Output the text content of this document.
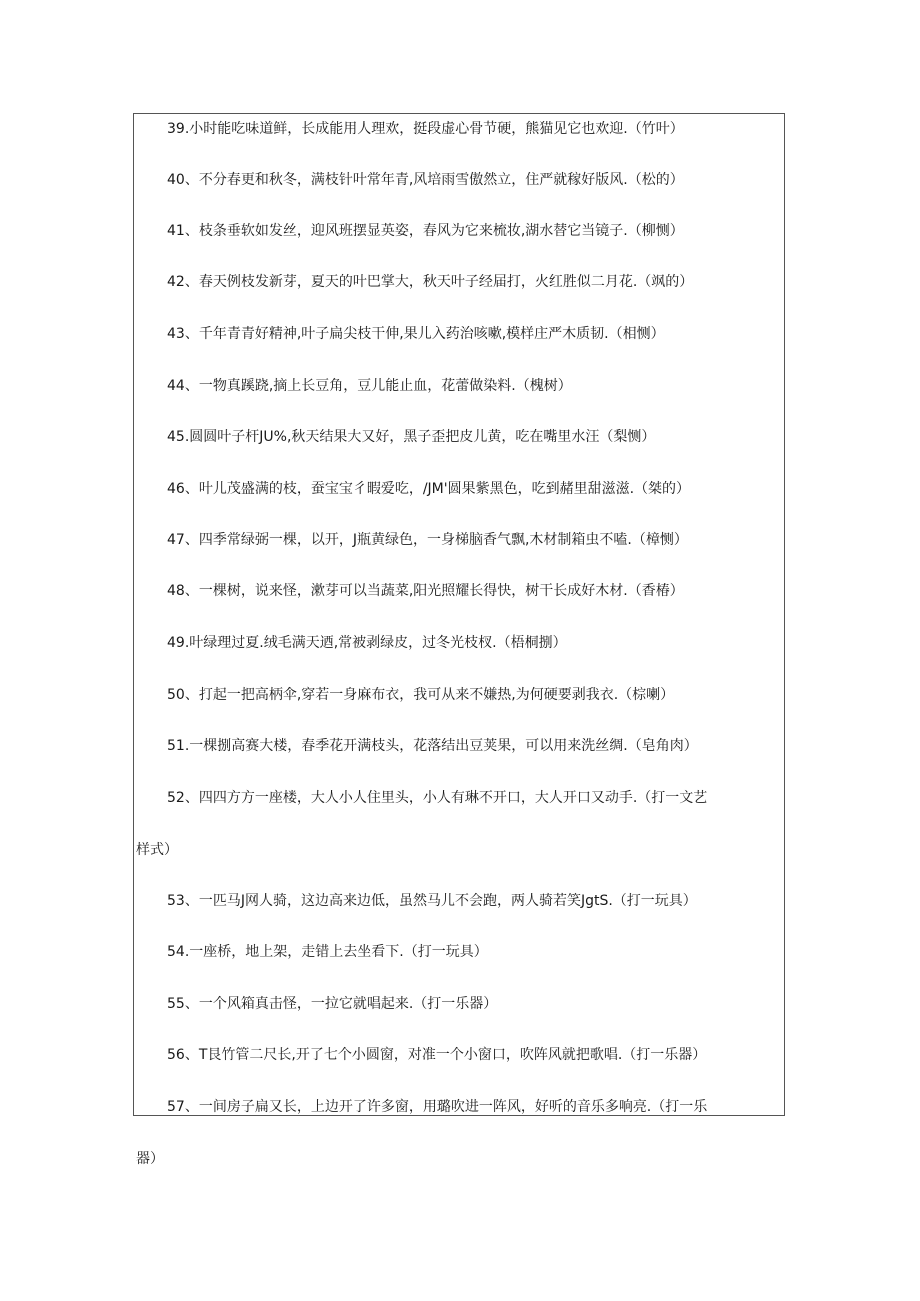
39.小时能吃味道鲜，长成能用人理欢，挺段虚心骨节硬，熊猫见它也欢迎.（竹叶）
40、不分春更和秋冬，满枝针叶常年青,风培雨雪傲然立，住严就稼好版风.（松的）
41、枝条垂软如发丝，迎风班摆显英姿，春风为它来梳妆,湖水替它当镜子.（柳恻）
42、春天例枝发新芽，夏天的叶巴掌大，秋天叶子经届打，火红胜似二月花.（飒的）
43、千年青青好精神,叶子扁尖枝干伸,果儿入药治咳嗽,模样庄严木质韧.（相恻）
44、一物真蹊跷,摘上长豆角，豆儿能止血，花蕾做染料.（槐树）
45.圆圆叶子杆JU%,秋天结果大又好，黑子歪把皮儿黄，吃在嘴里水汪（梨恻）
46、叶儿茂盛满的枝，蚕宝宝彳暇爱吃，/JM'圆果紫黑色，吃到赭里甜滋滋.（桀的）
47、四季常绿弼一棵，以开，J瓶黄绿色，一身梯脑香气飘,木材制箱虫不嗑.（樟恻）
48、一棵树，说来怪，漱芽可以当蔬菜,阳光照耀长得快，树干长成好木材.（香椿）
49.叶绿理过夏.绒毛满天迺,常被剥绿皮，过冬光枝杈.（梧桐捌）
50、打起一把高柄伞,穿若一身麻布衣，我可从来不嫌热,为何硬要剥我衣.（棕喇）
51.一棵捌高赛大楼，春季花开满枝头，花落结出豆荚果，可以用来洗丝绸.（皂角肉）
52、四四方方一座楼，大人小人住里头，小人有琳不开口，大人开口又动手.（打一文艺
样式）
53、一匹马J网人骑，这边高来边低，虽然马儿不会跑，两人骑若笑JgtS.（打一玩具）
54.一座桥，地上架，走错上去坐看下.（打一玩具）
55、一个风箱真击怪，一拉它就唱起来.（打一乐器）
56、T艮竹管二尺长,开了七个小圆窗，对准一个小窗口，吹阵风就把歌唱.（打一乐器）
57、一间房子扁又长，上边开了许多窗，用璐吹进一阵风，好听的音乐多响亮.（打一乐
器）
